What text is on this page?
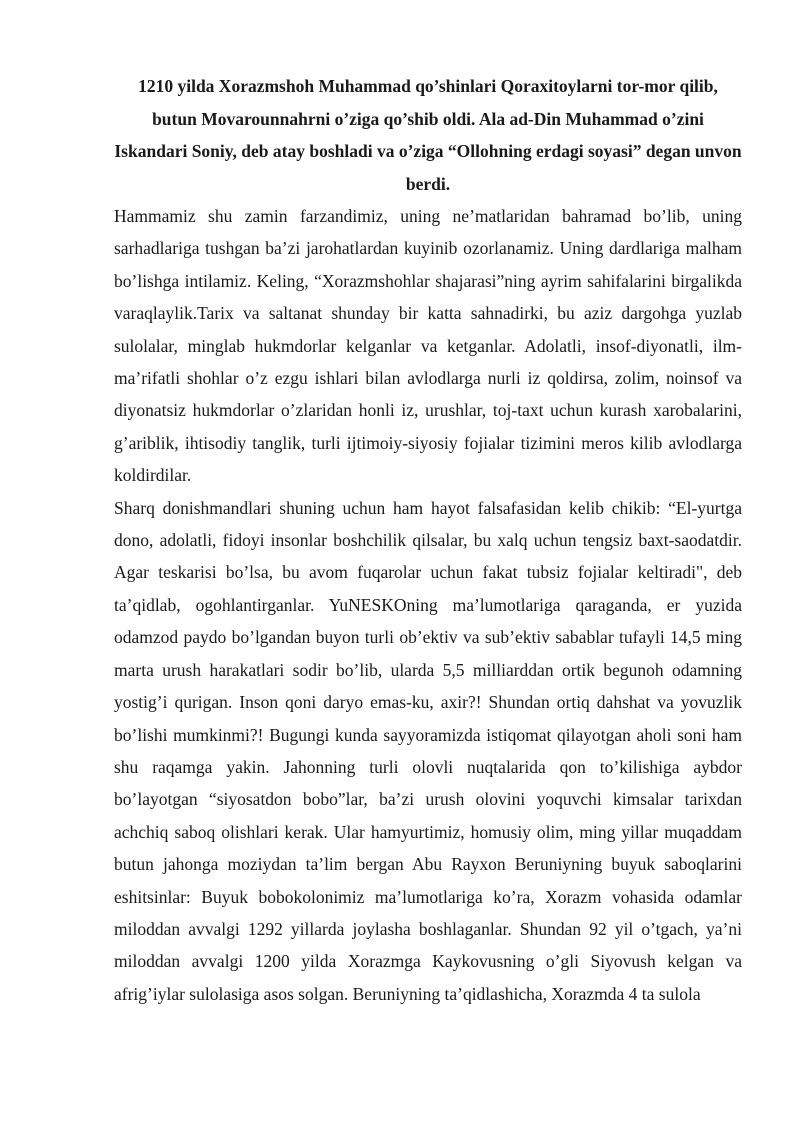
1210 yilda Xorazmshoh Muhammad qo’shinlari Qoraxitoylarni tor-mor qilib, butun Movarounnahrni o’ziga qo’shib oldi. Ala ad-Din Muhammad o’zini Iskandari Soniy, deb atay boshladi va o’ziga “Ollohning erdagi soyasi” degan unvon berdi.

Hammamiz shu zamin farzandimiz, uning ne’matlaridan bahramad bo’lib, uning sarhadlariga tushgan ba’zi jarohatlardan kuyinib ozorlanamiz. Uning dardlariga malham bo’lishga intilamiz. Keling, “Xorazmshohlar shajarasi”ning ayrim sahifalarini birgalikda varaqlaylik.Tarix va saltanat shunday bir katta sahnadirki, bu aziz dargohga yuzlab sulolalar, minglab hukmdorlar kelganlar va ketganlar. Adolatli, insof-diyonatli, ilm-ma’rifatli shohlar o’z ezgu ishlari bilan avlodlarga nurli iz qoldirsa, zolim, noinsof va diyonatsiz hukmdorlar o’zlaridan honli iz, urushlar, toj-taxt uchun kurash xarobalarini, g’ariblik, ihtisodiy tanglik, turli ijtimoiy-siyosiy fojialar tizimini meros kilib avlodlarga koldirdilar.

Sharq donishmandlari shuning uchun ham hayot falsafasidan kelib chikib: “El-yurtga dono, adolatli, fidoyi insonlar boshchilik qilsalar, bu xalq uchun tengsiz baxt-saodatdir. Agar teskarisi bo’lsa, bu avom fuqarolar uchun fakat tubsiz fojialar keltiradi", deb ta’qidlab, ogohlantirganlar. YuNESKOning ma’lumotlariga qaraganda, er yuzida odamzod paydo bo’lgandan buyon turli ob’ektiv va sub’ektiv sabablar tufayli 14,5 ming marta urush harakatlari sodir bo’lib, ularda 5,5 milliarddan ortik begunoh odamning yostig’i qurigan. Inson qoni daryo emas-ku, axir?! Shundan ortiq dahshat va yovuzlik bo’lishi mumkinmi?! Bugungi kunda sayyoramizda istiqomat qilayotgan aholi soni ham shu raqamga yakin. Jahonning turli olovli nuqtalarida qon to’kilishiga aybdor bo’layotgan “siyosatdon bobo”lar, ba’zi urush olovini yoquvchi kimsalar tarixdan achchiq saboq olishlari kerak. Ular hamyurtimiz, homusiy olim, ming yillar muqaddam butun jahonga moziydan ta’lim bergan Abu Rayxon Beruniyning buyuk saboqlarini eshitsinlar: Buyuk bobokolonimiz ma’lumotlariga ko’ra, Xorazm vohasida odamlar miloddan avvalgi 1292 yillarda joylasha boshlaganlar. Shundan 92 yil o’tgach, ya’ni miloddan avvalgi 1200 yilda Xorazmga Kaykovusning o’gli Siyovush kelgan va afrig’iylar sulolasiga asos solgan. Beruniyning ta’qidlashicha, Xorazmda 4 ta sulola
